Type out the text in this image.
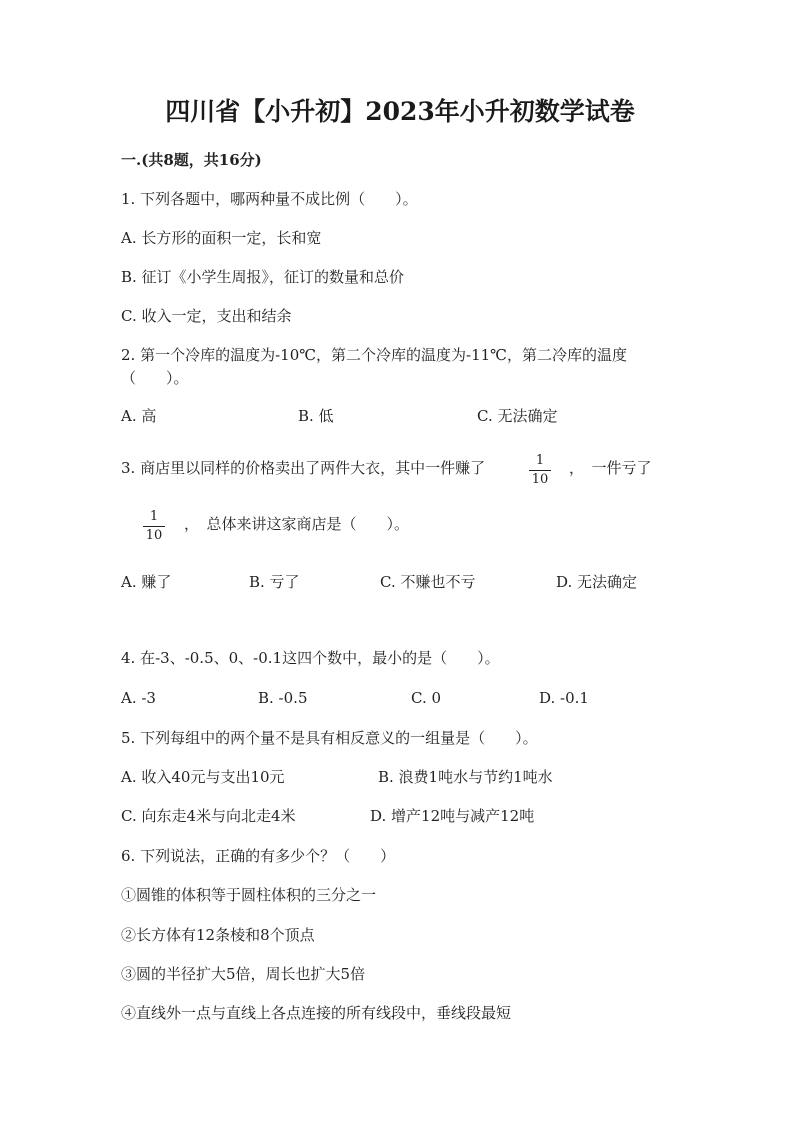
四川省【小升初】2023年小升初数学试卷
一.(共8题，共16分)
1. 下列各题中，哪两种量不成比例（　　）。
A. 长方形的面积一定，长和宽
B. 征订《小学生周报》，征订的数量和总价
C. 收入一定，支出和结余
2. 第一个冷库的温度为-10℃，第二个冷库的温度为-11℃，第二冷库的温度
（　　）。
A. 高	B. 低	C. 无法确定
3. 商店里以同样的价格卖出了两件大衣，其中一件赚了	1
10
，　一件亏了
1
10
，　总体来讲这家商店是（　　）。
A. 赚了	B. 亏了	C. 不赚也不亏	D. 无法确定
4. 在-3、-0.5、0、-0.1这四个数中，最小的是（　　）。
A. -3	B. -0.5	C. 0	D. -0.1
5. 下列每组中的两个量不是具有相反意义的一组量是（　　）。
A. 收入40元与支出10元	B. 浪费1吨水与节约1吨水
C. 向东走4米与向北走4米	D. 增产12吨与减产12吨
6. 下列说法，正确的有多少个？（　　）
①圆锥的体积等于圆柱体积的三分之一
②长方体有12条棱和8个顶点
③圆的半径扩大5倍，周长也扩大5倍
④直线外一点与直线上各点连接的所有线段中，垂线段最短
